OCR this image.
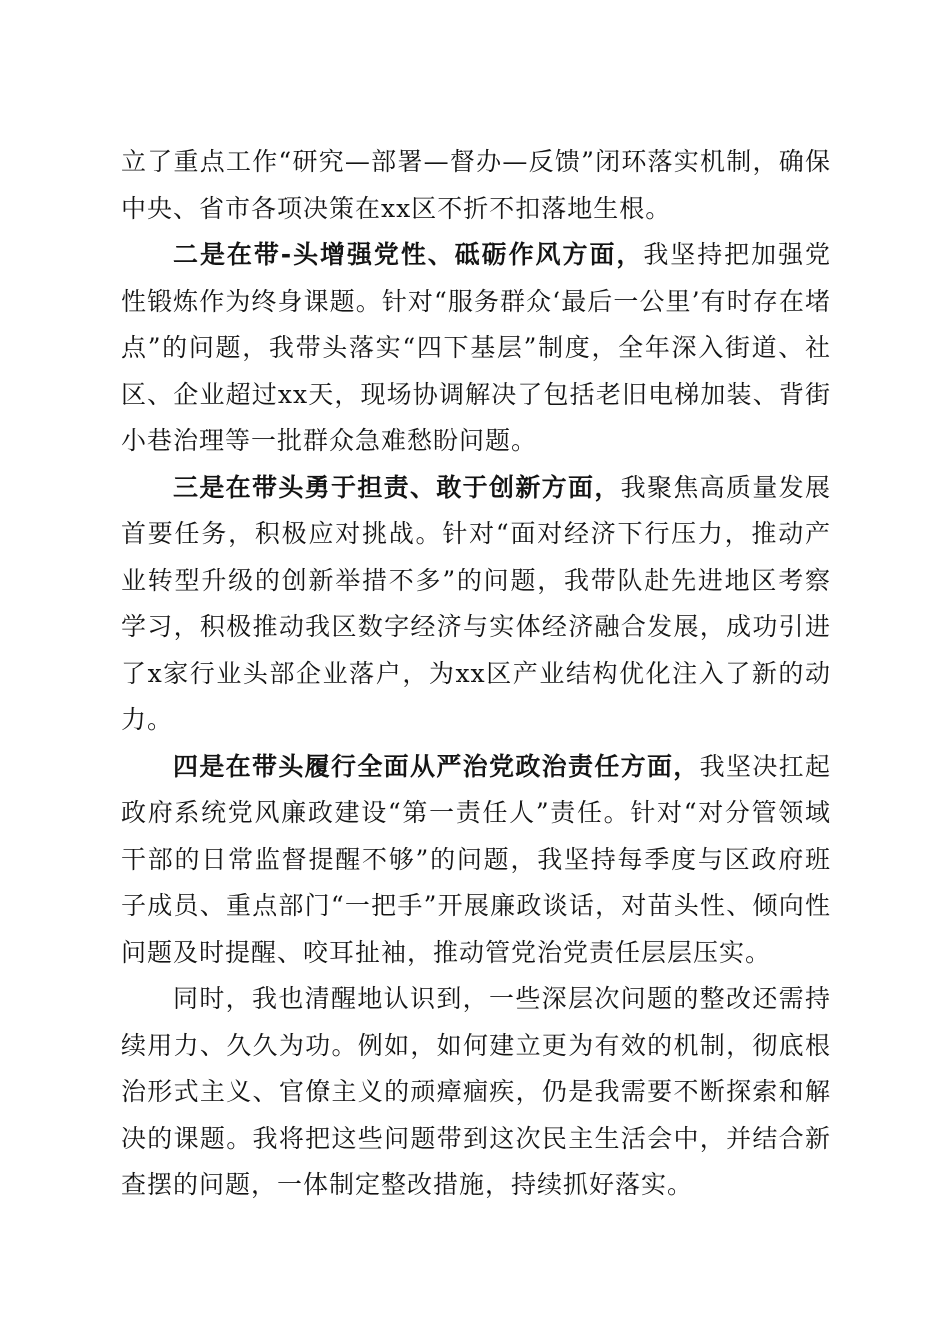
立了重点工作“研究—部署—督办—反馈”闭环落实机制，确保中央、省市各项决策在xx区不折不扣落地生根。

二是在带-头增强党性、砥砺作风方面，我坚持把加强党性锻炼作为终身课题。针对“服务群众‘最后一公里’有时存在堵点”的问题，我带头落实“四下基层”制度，全年深入街道、社区、企业超过xx天，现场协调解决了包括老旧电梯加装、背街小巷治理等一批群众急难愁盼问题。

三是在带头勇于担责、敢于创新方面，我聚焦高质量发展首要任务，积极应对挑战。针对“面对经济下行压力，推动产业转型升级的创新举措不多”的问题，我带队赴先进地区考察学习，积极推动我区数字经济与实体经济融合发展，成功引进了x家行业头部企业落户，为xx区产业结构优化注入了新的动力。

四是在带头履行全面从严治党政治责任方面，我坚决扛起政府系统党风廉政建设“第一责任人”责任。针对“对分管领域干部的日常监督提醒不够”的问题，我坚持每季度与区政府班子成员、重点部门“一把手”开展廉政谈话，对苗头性、倾向性问题及时提醒、咬耳扯袖，推动管党治党责任层层压实。

同时，我也清醒地认识到，一些深层次问题的整改还需持续用力、久久为功。例如，如何建立更为有效的机制，彻底根治形式主义、官僚主义的顽瘴痼疾，仍是我需要不断探索和解决的课题。我将把这些问题带到这次民主生活会中，并结合新查摆的问题，一体制定整改措施，持续抓好落实。
